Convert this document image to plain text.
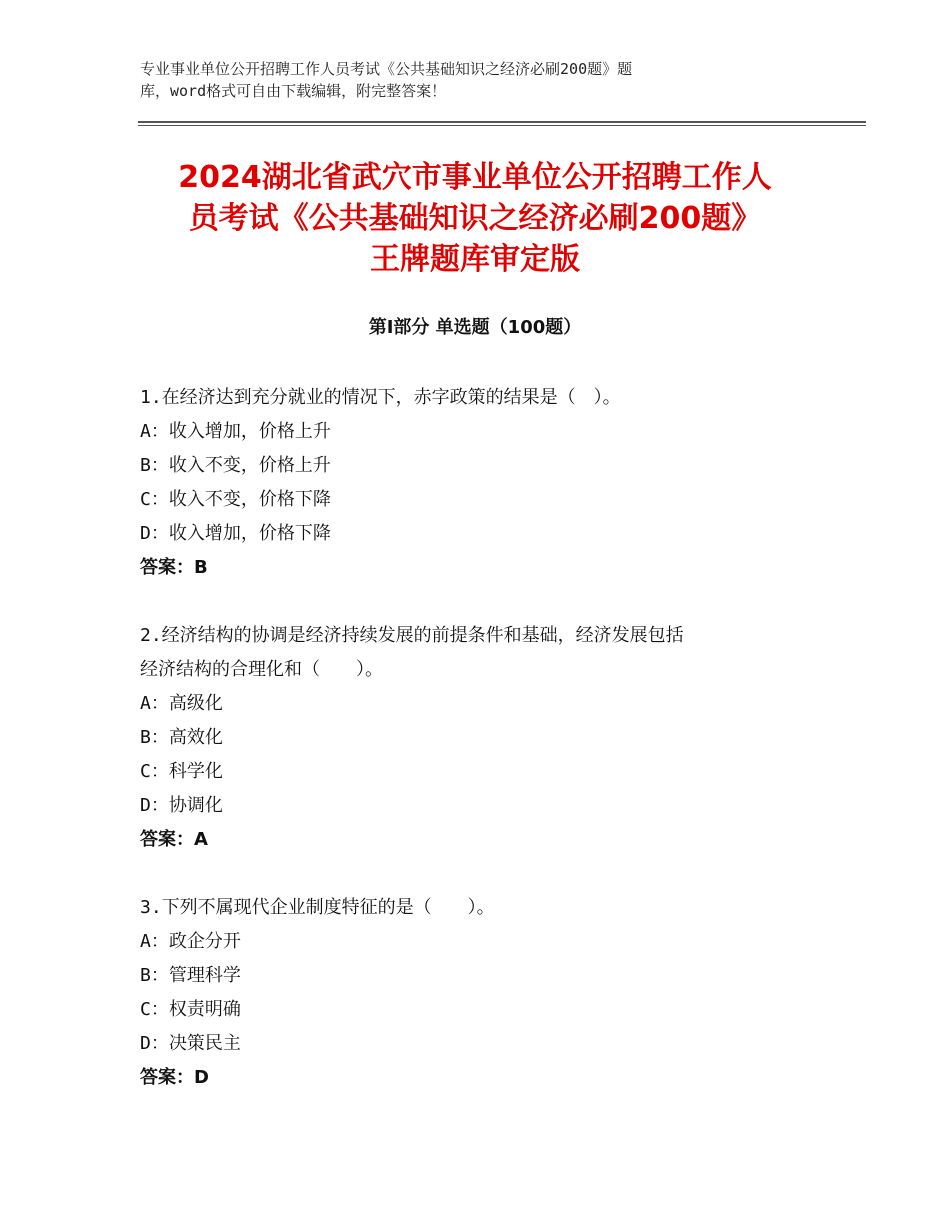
专业事业单位公开招聘工作人员考试《公共基础知识之经济必刷200题》题
库，word格式可自由下载编辑，附完整答案！
2024湖北省武穴市事业单位公开招聘工作人
员考试《公共基础知识之经济必刷200题》
王牌题库审定版
第Ⅰ部分 单选题（100题）
1.在经济达到充分就业的情况下，赤字政策的结果是（　）。
A：收入增加，价格上升
B：收入不变，价格上升
C：收入不变，价格下降
D：收入增加，价格下降
答案：B
2.经济结构的协调是经济持续发展的前提条件和基础，经济发展包括
经济结构的合理化和（　　）。
A：高级化
B：高效化
C：科学化
D：协调化
答案：A
3.下列不属现代企业制度特征的是（　　）。
A：政企分开
B：管理科学
C：权责明确
D：决策民主
答案：D
